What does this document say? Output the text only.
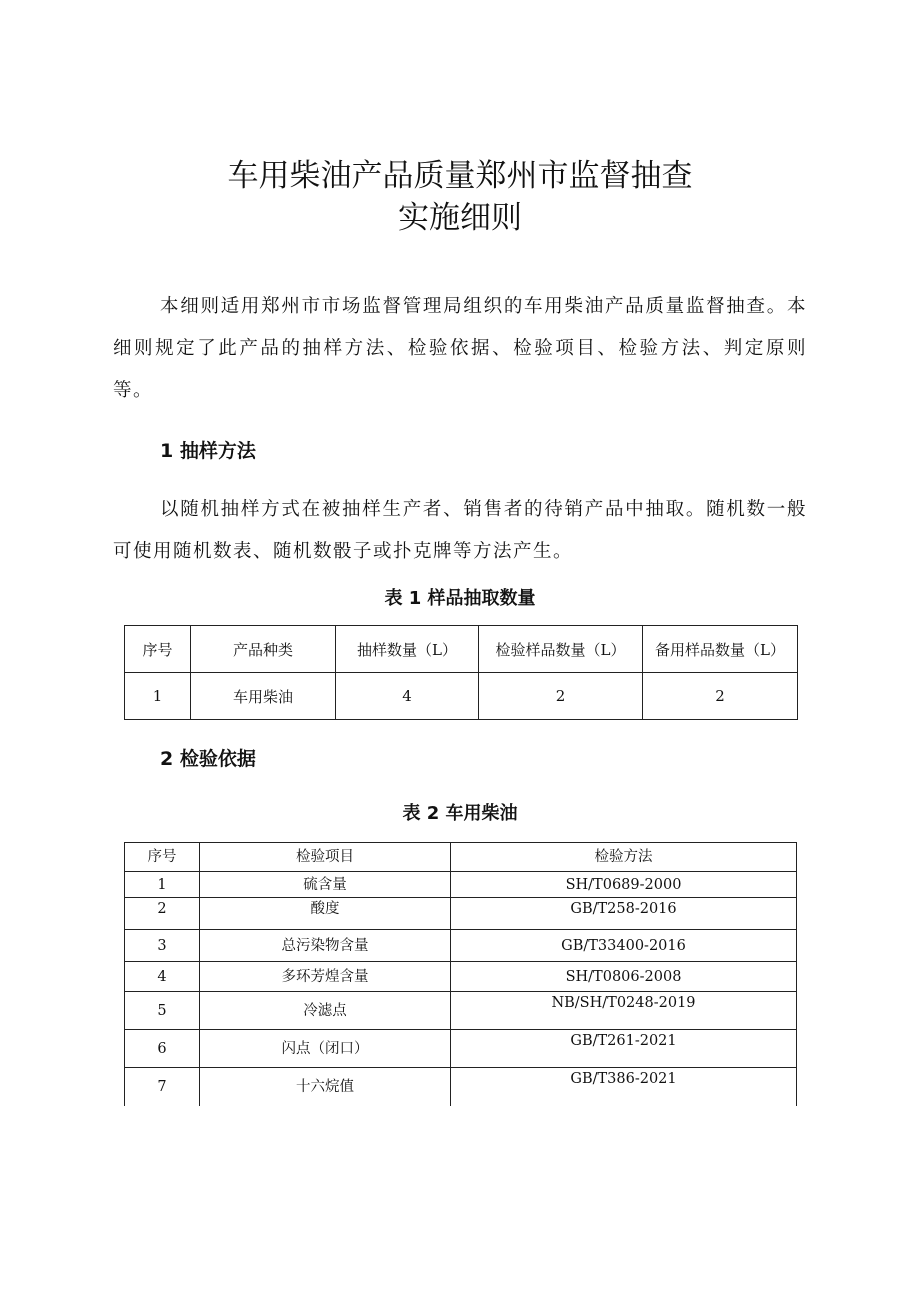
车用柴油产品质量郑州市监督抽查
实施细则

本细则适用郑州市市场监督管理局组织的车用柴油产品质量监督抽查。本细则规定了此产品的抽样方法、检验依据、检验项目、检验方法、判定原则等。

1 抽样方法

以随机抽样方式在被抽样生产者、销售者的待销产品中抽取。随机数一般可使用随机数表、随机数骰子或扑克牌等方法产生。

表 1 样品抽取数量
序号	产品种类	抽样数量（L）	检验样品数量（L）	备用样品数量（L）
1	车用柴油	4	2	2
2 检验依据
表 2 车用柴油
序号	检验项目	检验方法
1	硫含量	SH/T0689-2000
2	酸度	GB/T258-2016
3	总污染物含量	GB/T33400-2016
4	多环芳煌含量	SH/T0806-2008
5	冷滤点	NB/SH/T0248-2019
6	闪点（闭口）	GB/T261-2021
7	十六烷值	GB/T386-2021
